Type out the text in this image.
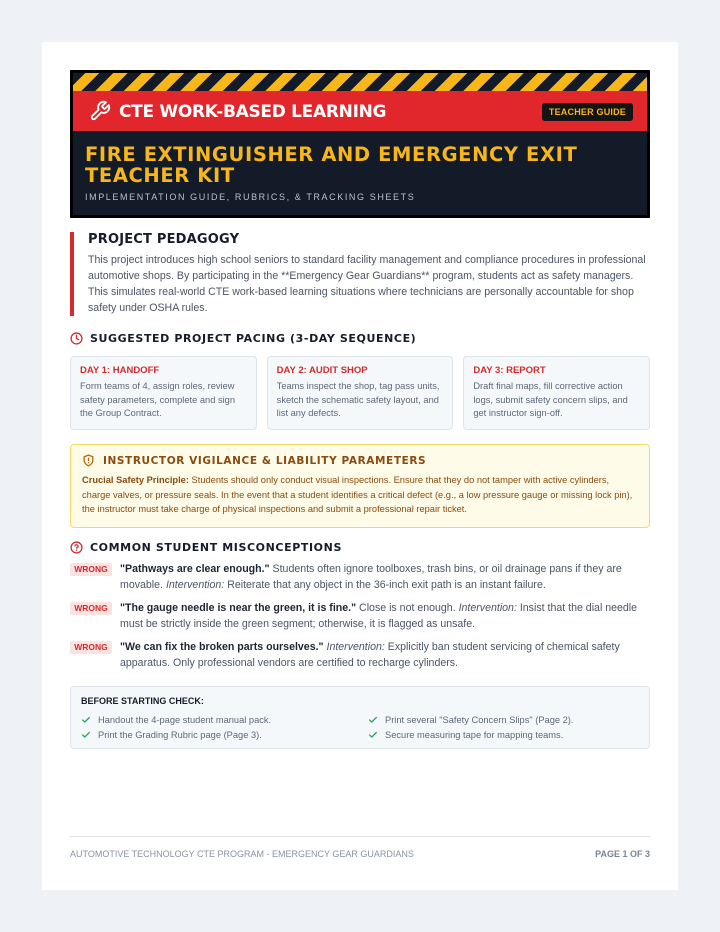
CTE WORK-BASED LEARNING	TEACHER GUIDE
FIRE EXTINGUISHER AND EMERGENCY EXIT
TEACHER KIT
IMPLEMENTATION GUIDE, RUBRICS, & TRACKING SHEETS
PROJECT PEDAGOGY

This project introduces high school seniors to standard facility management and compliance procedures in professional automotive shops. By participating in the **Emergency Gear Guardians** program, students act as safety managers. This simulates real-world CTE work-based learning situations where technicians are personally accountable for shop safety under OSHA rules.

SUGGESTED PROJECT PACING (3-DAY SEQUENCE)
DAY 1: HANDOFF
Form teams of 4, assign roles, review safety parameters, complete and sign the Group Contract.
DAY 2: AUDIT SHOP
Teams inspect the shop, tag pass units, sketch the schematic safety layout, and list any defects.
DAY 3: REPORT
Draft final maps, fill corrective action logs, submit safety concern slips, and get instructor sign-off.
INSTRUCTOR VIGILANCE & LIABILITY PARAMETERS

Crucial Safety Principle: Students should only conduct visual inspections. Ensure that they do not tamper with active cylinders, charge valves, or pressure seals. In the event that a student identifies a critical defect (e.g., a low pressure gauge or missing lock pin), the instructor must take charge of physical inspections and submit a professional repair ticket.

COMMON STUDENT MISCONCEPTIONS
WRONG	"Pathways are clear enough." Students often ignore toolboxes, trash bins, or oil drainage pans if they are movable. Intervention: Reiterate that any object in the 36-inch exit path is an instant failure.
WRONG	"The gauge needle is near the green, it is fine." Close is not enough. Intervention: Insist that the dial needle must be strictly inside the green segment; otherwise, it is flagged as unsafe.
WRONG	"We can fix the broken parts ourselves." Intervention: Explicitly ban student servicing of chemical safety apparatus. Only professional vendors are certified to recharge cylinders.
BEFORE STARTING CHECK:
Handout the 4-page student manual pack.	Print several "Safety Concern Slips" (Page 2).
Print the Grading Rubric page (Page 3).	Secure measuring tape for mapping teams.
AUTOMOTIVE TECHNOLOGY CTE PROGRAM - EMERGENCY GEAR GUARDIANS	PAGE 1 OF 3
